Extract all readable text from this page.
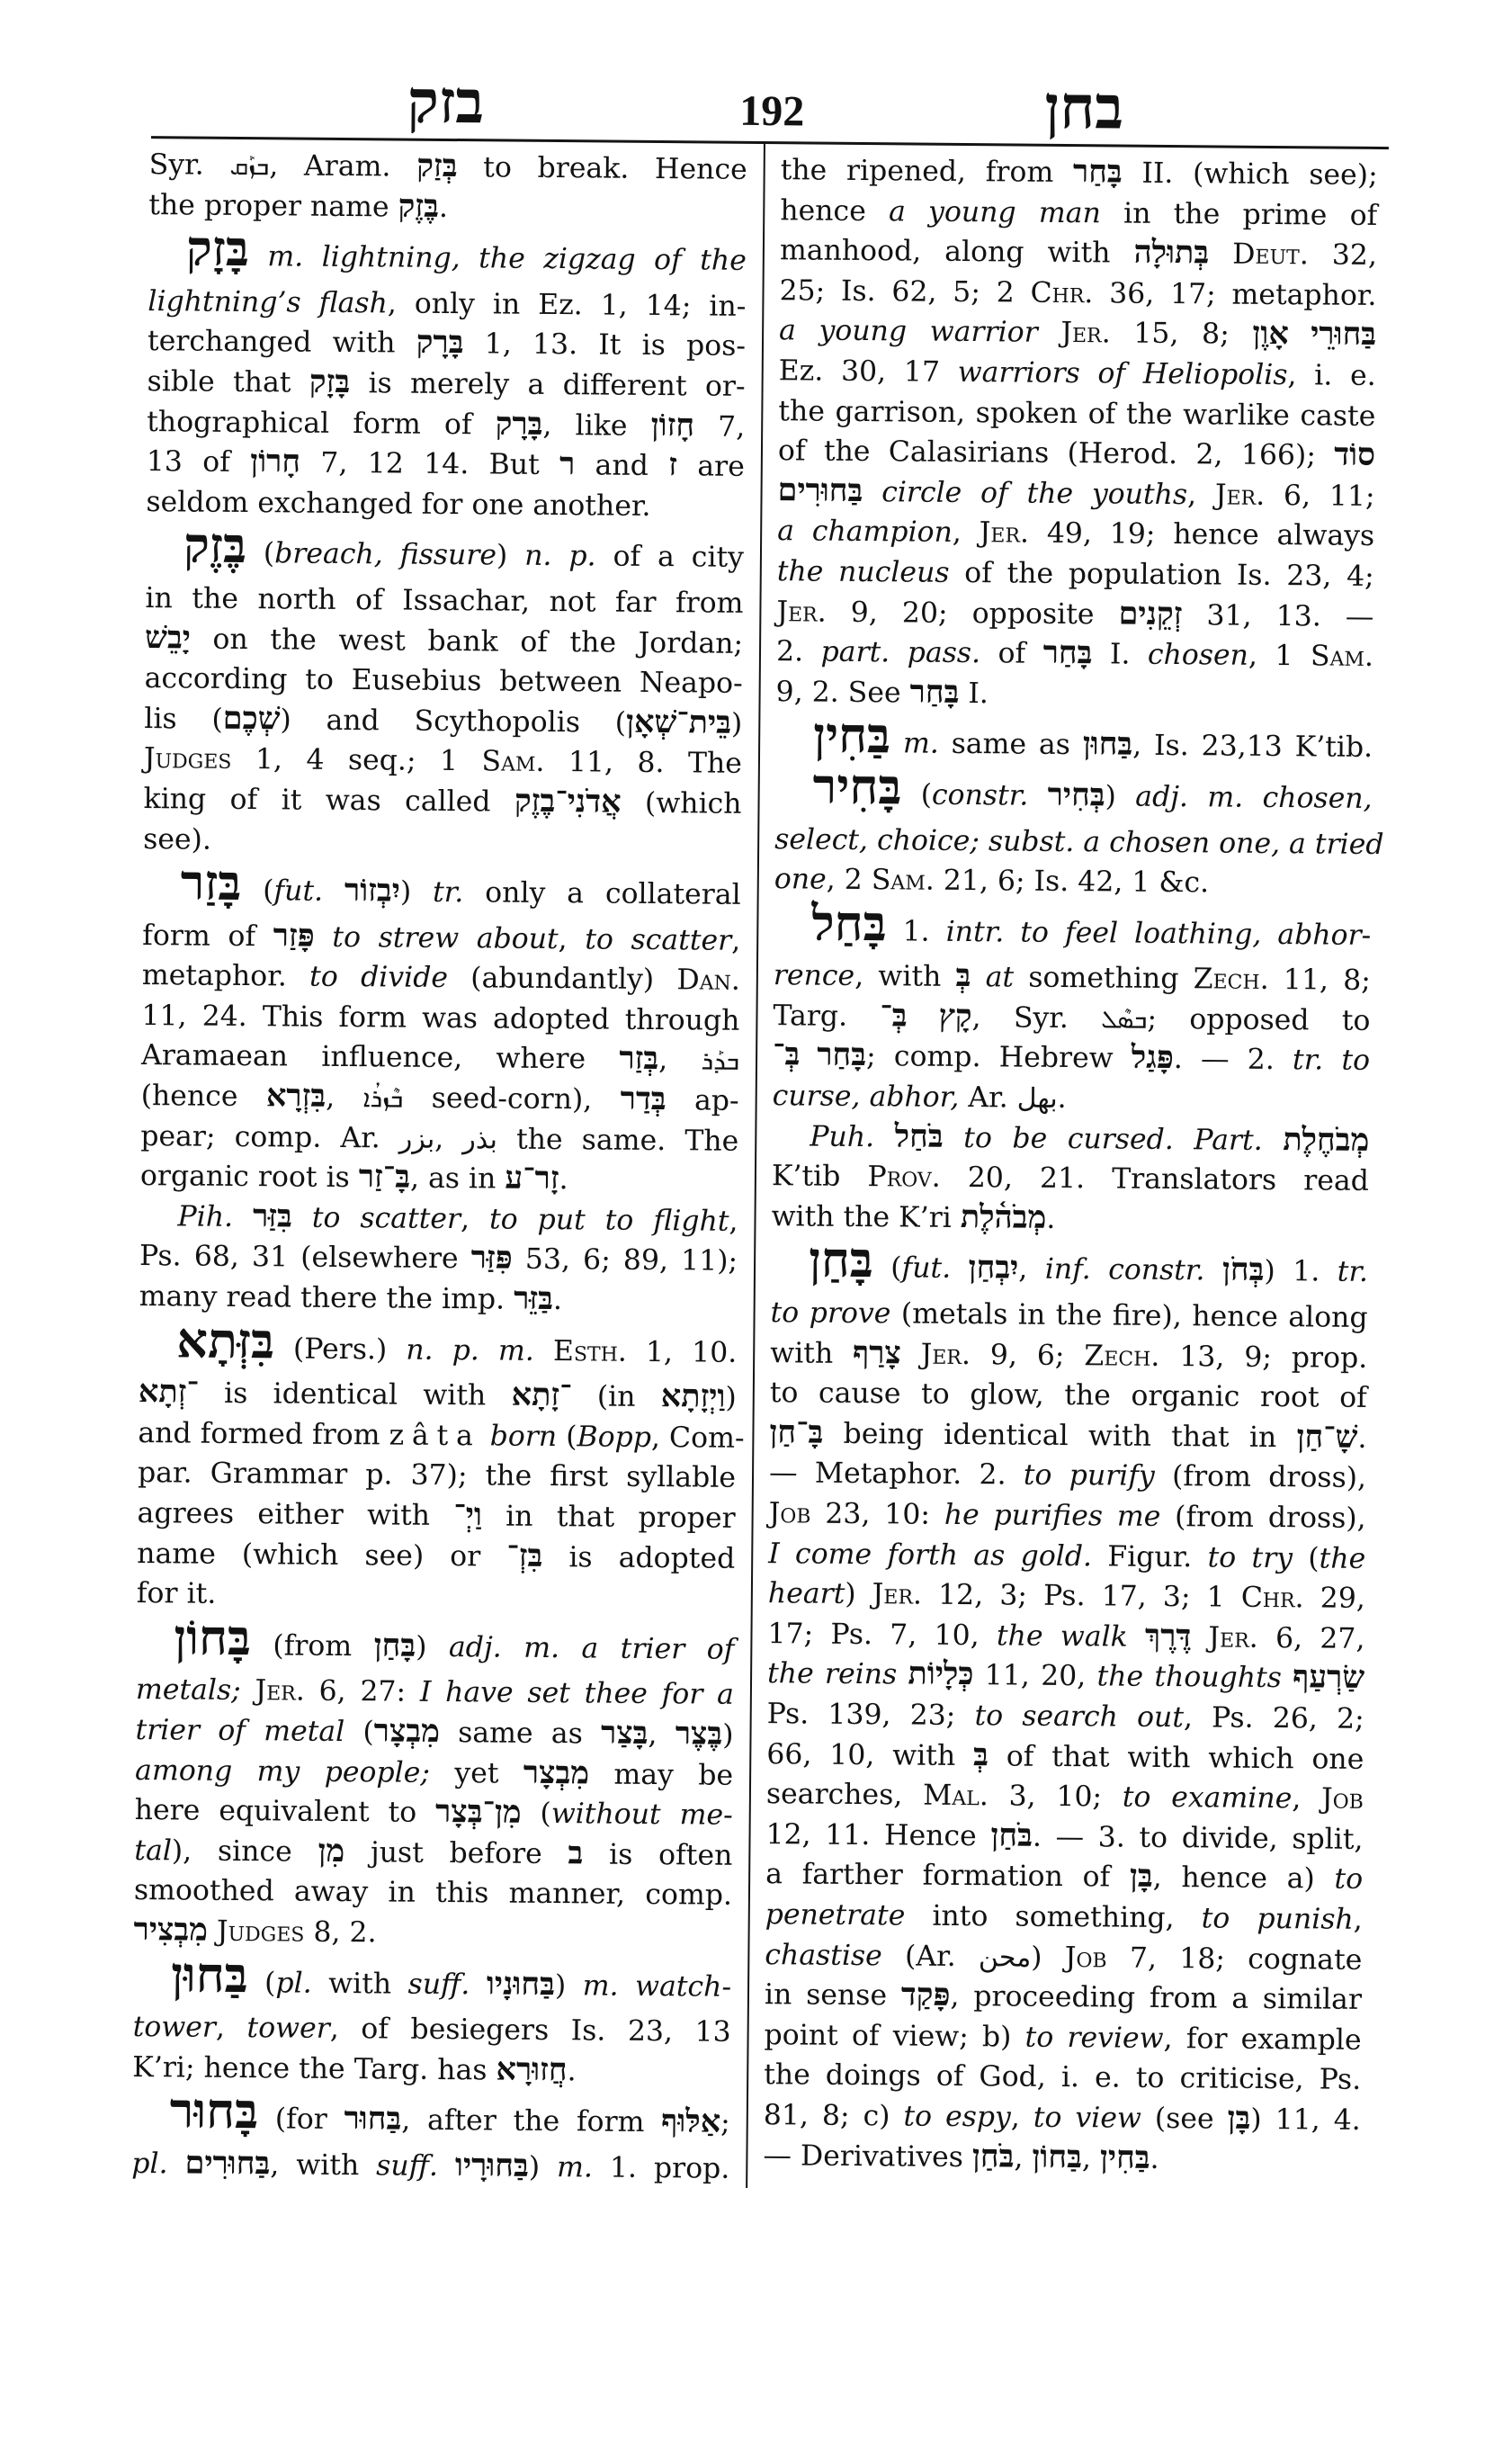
בזק	192	בחן
Syr. ܒܙܰܩ, Aram. בְּזַק to break. Hence
the proper name בֶּזֶק.
בָּזָק m. lightning, the zigzag of the
lightning’s flash, only in Ez. 1, 14; in-
terchanged with בָּרָק 1, 13. It is pos-
sible that בָּזָק is merely a different or-
thographical form of בָּרָק, like חָזוֹן 7,
13 of חָרוֹן 7, 12 14. But ר and ז are
seldom exchanged for one another.
בֶּזֶק (breach, fissure) n. p. of a city
in the north of Issachar, not far from
יָבֵשׁ on the west bank of the Jordan;
according to Eusebius between Neapo-
lis (שְׁכֶם) and Scythopolis (בֵּית־שְׁאָן)
Judges 1, 4 seq.; 1 Sam. 11, 8. The
king of it was called אֲדֹנִי־בֶזֶק (which
see).
בָּזַר (fut. יִבְזוֹר) tr. only a collateral
form of פָּזַר to strew about, to scatter,
metaphor. to divide (abundantly) Dan.
11, 24. This form was adopted through
Aramaean influence, where בְּזַר, ܒܕܰܪ
(hence בִּזְרָא, ܒܶܙܪܳܐ seed-corn), בְּדַר ap-
pear; comp. Ar. بزر, بذر the same. The
organic root is בָּ־זַר, as in זָר־ע.
Pih. בִּזַּר to scatter, to put to flight,
Ps. 68, 31 (elsewhere פִּזַּר 53, 6; 89, 11);
many read there the imp. בַּזֵּר.
בִּזְּתָא (Pers.) n. p. m. Esth. 1, 10.
־זְתָא is identical with ־זָתָא (in וַיְזָתָא)
and formed from zâta born (Bopp, Com-
par. Grammar p. 37); the first syllable
agrees either with וַיְ־ in that proper
name (which see) or בִּזְ־ is adopted
for it.
בָּחוֹן (from בָּחַן) adj. m. a trier of
metals; Jer. 6, 27: I have set thee for a
trier of metal (מִבְצָר same as בָּצַר, בֶּצֶר)
among my people; yet מִבְצָר may be
here equivalent to מִן־בְּצָר (without me-
tal), since מִן just before ב is often
smoothed away in this manner, comp.
מִבְצִיר Judges 8, 2.
בַּחוּן (pl. with suff. בַּחוּנָיו) m. watch-
tower, tower, of besiegers Is. 23, 13
K’ri; hence the Targ. has חֲזוּרָא.
בָּחוּר (for בַּחוּר, after the form אַלּוּף;
pl. בַּחוּרִים, with suff. בַּחוּרָיו) m. 1. prop.
the ripened, from בָּחַר II. (which see);
hence a young man in the prime of
manhood, along with בְּתוּלָה Deut. 32,
25; Is. 62, 5; 2 Chr. 36, 17; metaphor.
a young warrior Jer. 15, 8; בַּחוּרֵי אָוֶן
Ez. 30, 17 warriors of Heliopolis, i. e.
the garrison, spoken of the warlike caste
of the Calasirians (Herod. 2, 166); סוֹד
בַּחוּרִים circle of the youths, Jer. 6, 11;
a champion, Jer. 49, 19; hence always
the nucleus of the population Is. 23, 4;
Jer. 9, 20; opposite זְקֵנִים 31, 13. —
2. part. pass. of בָּחַר I. chosen, 1 Sam.
9, 2. See בָּחַר I.
בַּחִין m. same as בַּחוּן, Is. 23,13 K’tib.
בָּחִיר (constr. בְּחִיר) adj. m. chosen,
select, choice; subst. a chosen one, a tried
one, 2 Sam. 21, 6; Is. 42, 1 &c.
בָּחַל 1. intr. to feel loathing, abhor-
rence, with בְּ at something Zech. 11, 8;
Targ. קָץ בְּ־, Syr. ܒܣܶܠ; opposed to
בָּחַר בְּ־; comp. Hebrew פָּגַל. — 2. tr. to
curse, abhor, Ar. بهل.
Puh. בֹּחַל to be cursed. Part. מְבֹחֶלֶת
K’tib Prov. 20, 21. Translators read
with the K’ri מְבֹה֫לֶת.
בָּחַן (fut. יִבְחַן, inf. constr. בְּחֹן) 1. tr.
to prove (metals in the fire), hence along
with צָרַף Jer. 9, 6; Zech. 13, 9; prop.
to cause to glow, the organic root of
בָּ־חַן being identical with that in שָׁ־חַן.
— Metaphor. 2. to purify (from dross),
Job 23, 10: he purifies me (from dross),
I come forth as gold. Figur. to try (the
heart) Jer. 12, 3; Ps. 17, 3; 1 Chr. 29,
17; Ps. 7, 10, the walk דֶּרֶךְ Jer. 6, 27,
the reins כְּלָיוֹת 11, 20, the thoughts שַׂרְעַף
Ps. 139, 23; to search out, Ps. 26, 2;
66, 10, with בְּ of that with which one
searches, Mal. 3, 10; to examine, Job
12, 11. Hence בֹּחַן. — 3. to divide, split,
a farther formation of בָּן, hence a) to
penetrate into something, to punish,
chastise (Ar. محن) Job 7, 18; cognate
in sense פָּקַד, proceeding from a similar
point of view; b) to review, for example
the doings of God, i. e. to criticise, Ps.
81, 8; c) to espy, to view (see בָּן) 11, 4.
— Derivatives בֹּחַן, בַּחוֹן, בַּחִין.
